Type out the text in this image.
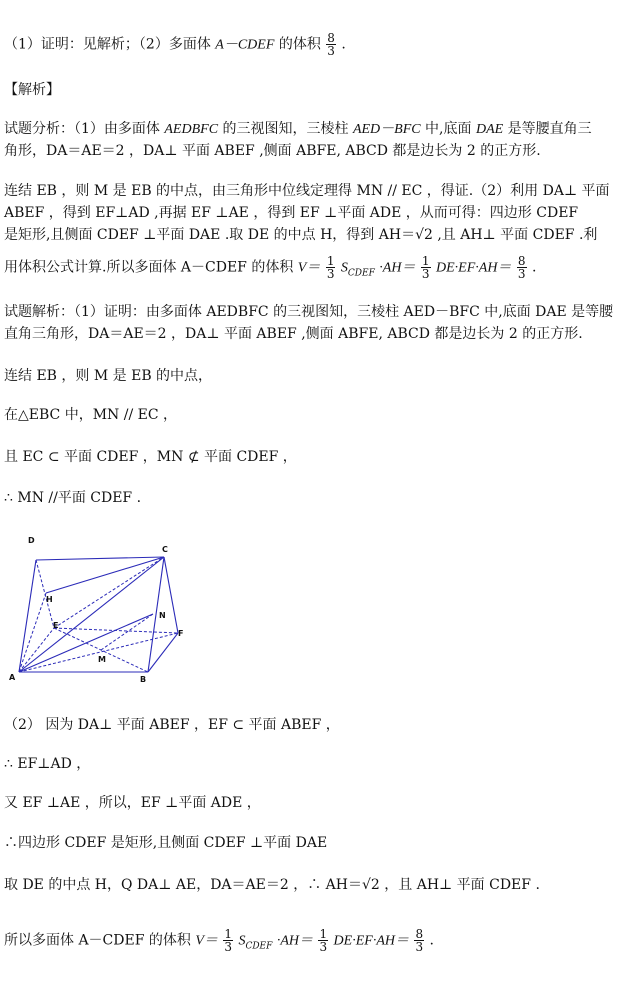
（1）证明：见解析；（2）多面体 A－CDEF 的体积 $\frac{8}{3}$ .
【解析】
试题分析：（1）由多面体 AEDBFC 的三视图知，三棱柱 AED－BFC 中,底面 DAE 是等腰直角三
角形，DA＝AE＝2 ，DA⊥ 平面 ABEF ,侧面 ABFE, ABCD 都是边长为 2 的正方形.
连结 EB ，则 M 是 EB 的中点，由三角形中位线定理得 MN // EC ，得证.（2）利用 DA⊥ 平面
ABEF ，得到 EF⊥AD ,再据 EF ⊥AE ，得到 EF ⊥平面 ADE ，从而可得：四边形 CDEF
是矩形,且侧面 CDEF ⊥平面 DAE .取 DE 的中点 H，得到 AH＝√2 ,且 AH⊥ 平面 CDEF .利
用体积公式计算.所以多面体 A－CDEF 的体积 $V= \frac{1}{3} S_{CDEF} \cdot AH= \frac{1}{3} DE\cdot EF\cdot AH= \frac{8}{3}$ .
试题解析：（1）证明：由多面体 AEDBFC 的三视图知，三棱柱 AED－BFC 中,底面 DAE 是等腰
直角三角形，DA＝AE＝2 ，DA⊥ 平面 ABEF ,侧面 ABFE, ABCD 都是边长为 2 的正方形.
连结 EB ，则 M 是 EB 的中点，
在△EBC 中，MN // EC ，
且 EC ⊂ 平面 CDEF ，MN ⊄ 平面 CDEF ，
∴ MN //平面 CDEF .
D
C
H
E
N
F
M
A	B
（2） 因为 DA⊥ 平面 ABEF ，EF ⊂ 平面 ABEF ，
∴ EF⊥AD ，
又 EF ⊥AE ，所以，EF ⊥平面 ADE ，
∴四边形 CDEF 是矩形,且侧面 CDEF ⊥平面 DAE
取 DE 的中点 H，Q DA⊥ AE，DA＝AE＝2 ，∴ AH＝√2 ，且 AH⊥ 平面 CDEF .
所以多面体 A－CDEF 的体积 $V= \frac{1}{3} S_{CDEF} \cdot AH= \frac{1}{3} DE\cdot EF\cdot AH= \frac{8}{3}$ .
